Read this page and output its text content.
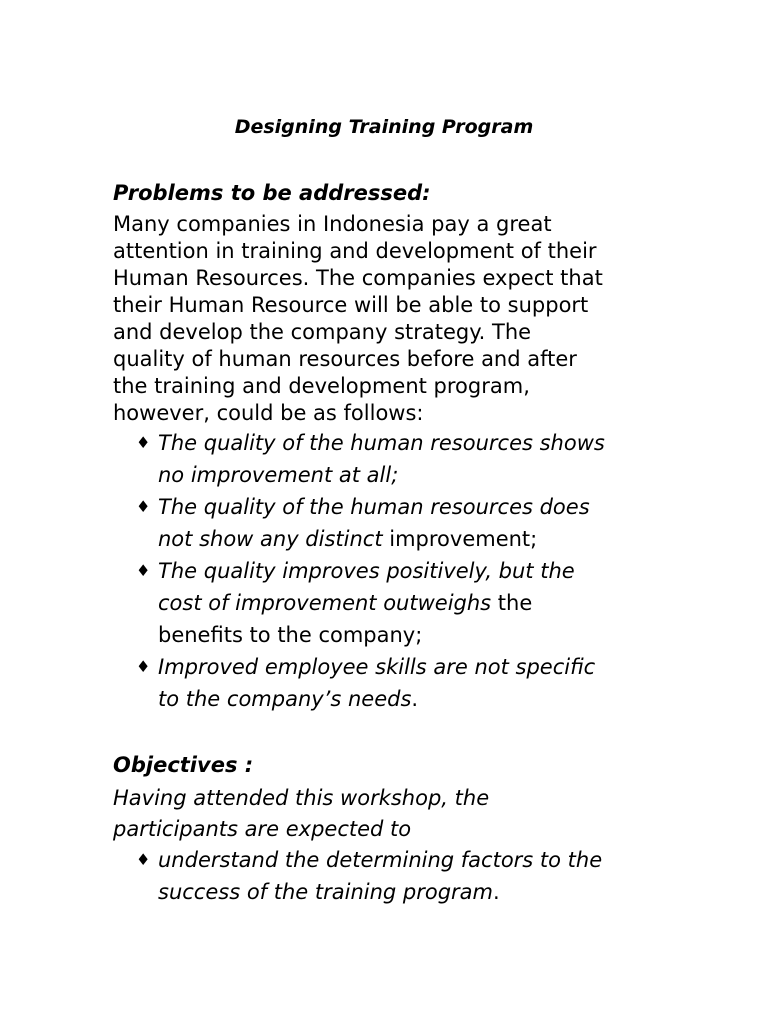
Designing Training Program
Problems to be addressed:
Many companies in Indonesia pay a great
attention in training and development of their
Human Resources. The companies expect that
their Human Resource will be able to support
and develop the company strategy. The
quality of human resources before and after
the training and development program,
however, could be as follows:
♦ The quality of the human resources shows
no improvement at all;
♦ The quality of the human resources does
not show any distinct improvement;
♦ The quality improves positively, but the
cost of improvement outweighs the
benefits to the company;
♦ Improved employee skills are not specific
to the company’s needs.
Objectives :
Having attended this workshop, the
participants are expected to
♦ understand the determining factors to the
success of the training program.
